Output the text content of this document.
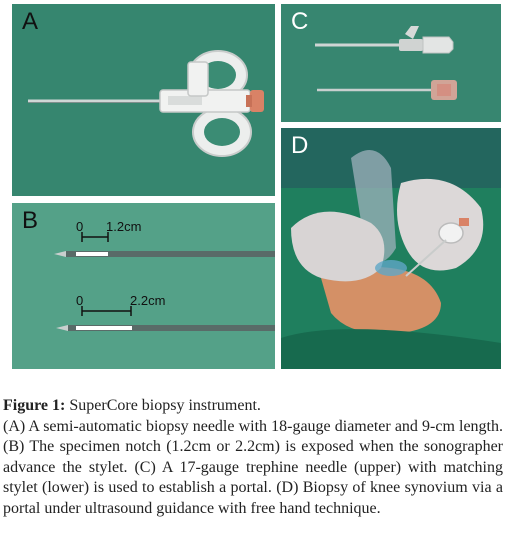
A	C
B	0 1.2cm
0	2.2cm
D
Figure 1: SuperCore biopsy instrument.
(A) A semi-automatic biopsy needle with 18-gauge diameter and 9-cm length. (B) The specimen notch (1.2cm or 2.2cm) is exposed when the sonographer advance the stylet. (C) A 17-gauge trephine needle (upper) with matching stylet (lower) is used to establish a portal. (D) Biopsy of knee synovium via a portal under ultrasound guidance with free hand technique.
